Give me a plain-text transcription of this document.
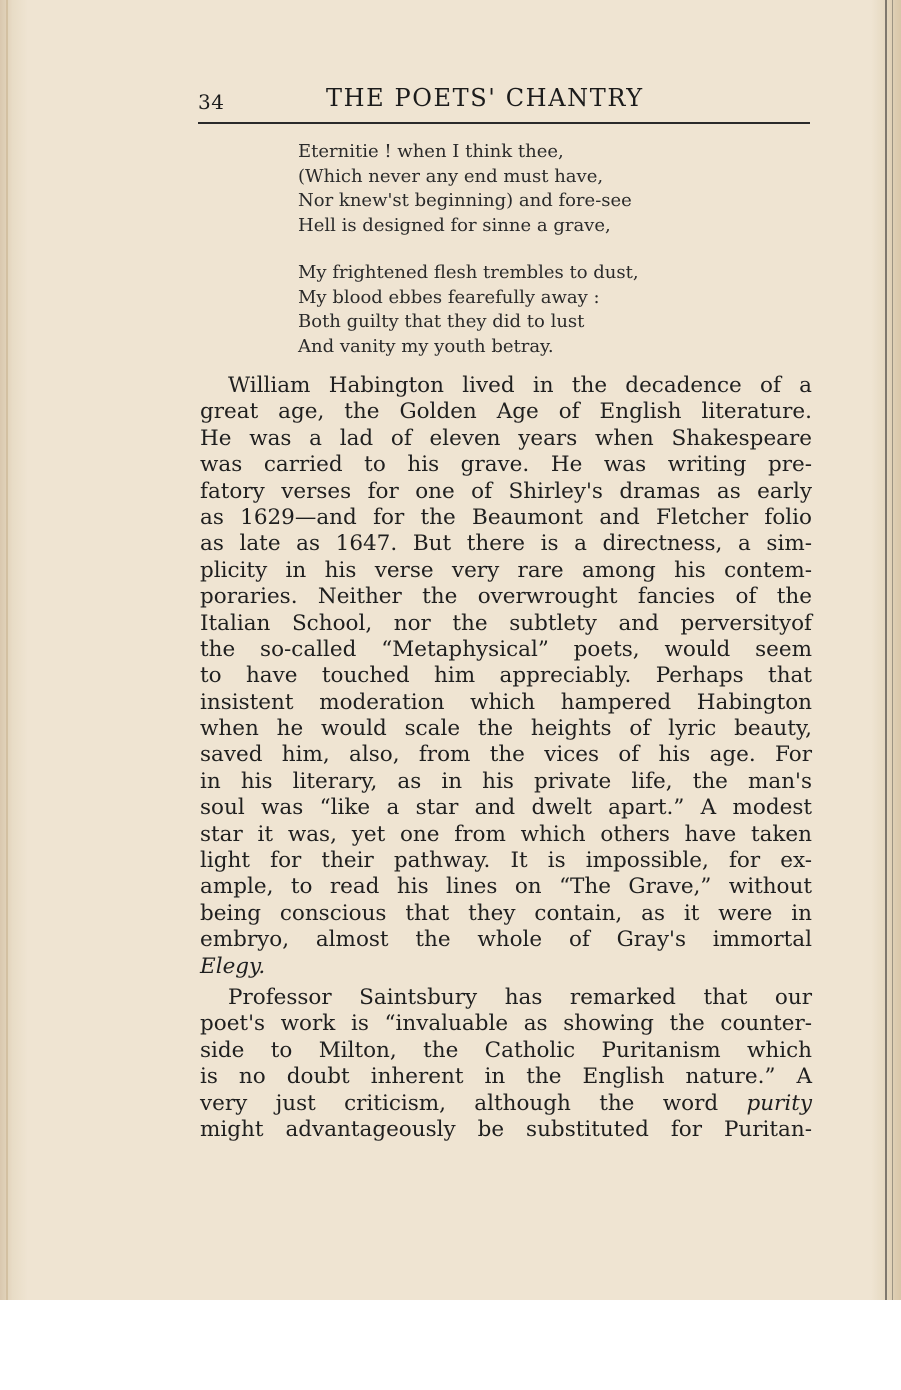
34	THE POETS' CHANTRY
Eternitie ! when I think thee,
(Which never any end must have,
Nor knew'st beginning) and fore-see
Hell is designed for sinne a grave,
My frightened flesh trembles to dust,
My blood ebbes fearefully away :
Both guilty that they did to lust
And vanity my youth betray.
William Habington lived in the decadence of a
great age, the Golden Age of English literature.
He was a lad of eleven years when Shakespeare
was carried to his grave. He was writing pre-
fatory verses for one of Shirley's dramas as early
as 1629—and for the Beaumont and Fletcher folio
as late as 1647. But there is a directness, a sim-
plicity in his verse very rare among his contem-
poraries. Neither the overwrought fancies of the
Italian School, nor the subtlety and perversityof
the so-called “Metaphysical” poets, would seem
to have touched him appreciably. Perhaps that
insistent moderation which hampered Habington
when he would scale the heights of lyric beauty,
saved him, also, from the vices of his age. For
in his literary, as in his private life, the man's
soul was “like a star and dwelt apart.” A modest
star it was, yet one from which others have taken
light for their pathway. It is impossible, for ex-
ample, to read his lines on “The Grave,” without
being conscious that they contain, as it were in
embryo, almost the whole of Gray's immortal
Elegy.
Professor Saintsbury has remarked that our
poet's work is “invaluable as showing the counter-
side to Milton, the Catholic Puritanism which
is no doubt inherent in the English nature.” A
very just criticism, although the word purity
might advantageously be substituted for Puritan-
